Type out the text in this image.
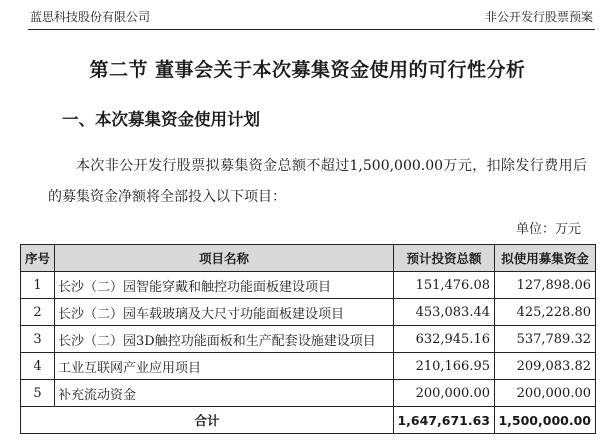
蓝思科技股份有限公司	非公开发行股票预案
第二节 董事会关于本次募集资金使用的可行性分析
一、本次募集资金使用计划
本次非公开发行股票拟募集资金总额不超过1,500,000.00万元，扣除发行费用后的募集资金净额将全部投入以下项目：
单位：万元
序号	项目名称	预计投资总额	拟使用募集资金
1	长沙（二）园智能穿戴和触控功能面板建设项目	151,476.08	127,898.06
2	长沙（二）园车载玻璃及大尺寸功能面板建设项目	453,083.44	425,228.80
3	长沙（二）园3D触控功能面板和生产配套设施建设项目	632,945.16	537,789.32
4	工业互联网产业应用项目	210,166.95	209,083.82
5	补充流动资金	200,000.00	200,000.00
合计		1,647,671.63	1,500,000.00
